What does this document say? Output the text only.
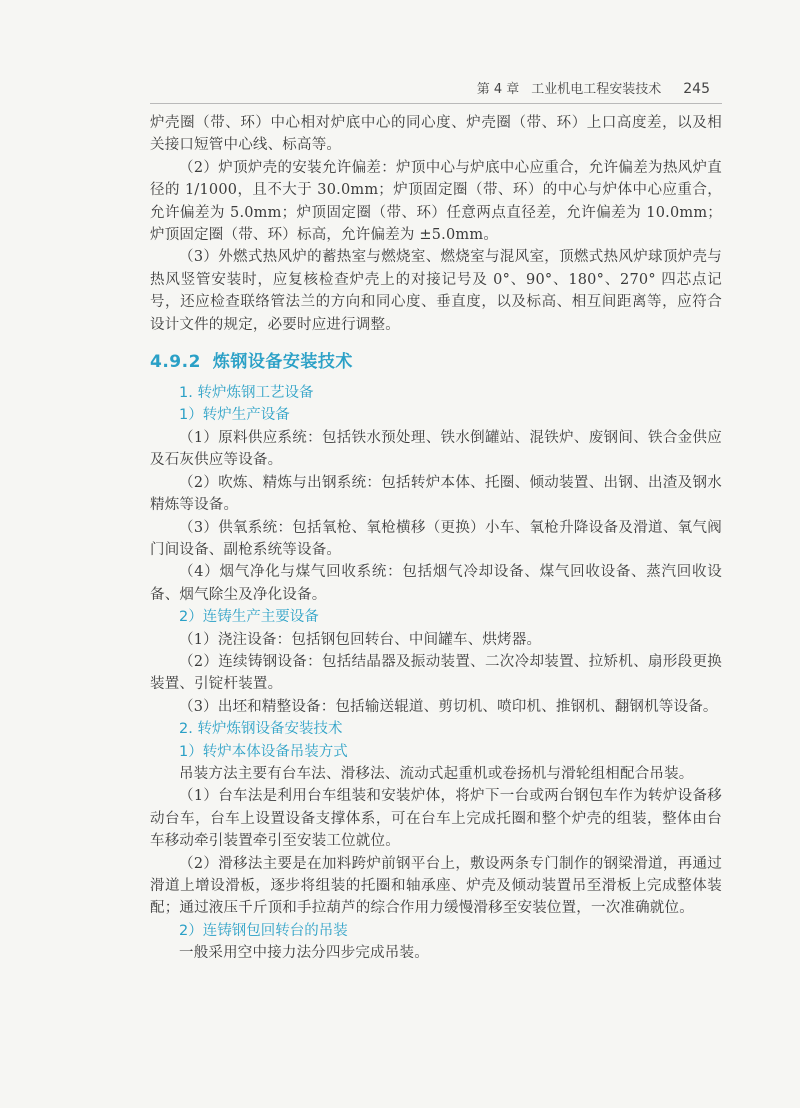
第 4 章 工业机电工程安装技术 245

炉壳圈（带、环）中心相对炉底中心的同心度、炉壳圈（带、环）上口高度差，以及相关接口短管中心线、标高等。

（2）炉顶炉壳的安装允许偏差：炉顶中心与炉底中心应重合，允许偏差为热风炉直径的 1/1000，且不大于 30.0mm；炉顶固定圈（带、环）的中心与炉体中心应重合，允许偏差为 5.0mm；炉顶固定圈（带、环）任意两点直径差，允许偏差为 10.0mm；炉顶固定圈（带、环）标高，允许偏差为 ±5.0mm。

（3）外燃式热风炉的蓄热室与燃烧室、燃烧室与混风室，顶燃式热风炉球顶炉壳与热风竖管安装时，应复核检查炉壳上的对接记号及 0°、90°、180°、270° 四芯点记号，还应检查联络管法兰的方向和同心度、垂直度，以及标高、相互间距离等，应符合设计文件的规定，必要时应进行调整。

4.9.2 炼钢设备安装技术
1. 转炉炼钢工艺设备
1）转炉生产设备

（1）原料供应系统：包括铁水预处理、铁水倒罐站、混铁炉、废钢间、铁合金供应及石灰供应等设备。

（2）吹炼、精炼与出钢系统：包括转炉本体、托圈、倾动装置、出钢、出渣及钢水精炼等设备。

（3）供氧系统：包括氧枪、氧枪横移（更换）小车、氧枪升降设备及滑道、氧气阀门间设备、副枪系统等设备。

（4）烟气净化与煤气回收系统：包括烟气冷却设备、煤气回收设备、蒸汽回收设备、烟气除尘及净化设备。

2）连铸生产主要设备

（1）浇注设备：包括钢包回转台、中间罐车、烘烤器。

（2）连续铸钢设备：包括结晶器及振动装置、二次冷却装置、拉矫机、扇形段更换装置、引锭杆装置。

（3）出坯和精整设备：包括输送辊道、剪切机、喷印机、推钢机、翻钢机等设备。

2. 转炉炼钢设备安装技术
1）转炉本体设备吊装方式

吊装方法主要有台车法、滑移法、流动式起重机或卷扬机与滑轮组相配合吊装。

（1）台车法是利用台车组装和安装炉体，将炉下一台或两台钢包车作为转炉设备移动台车，台车上设置设备支撑体系，可在台车上完成托圈和整个炉壳的组装，整体由台车移动牵引装置牵引至安装工位就位。

（2）滑移法主要是在加料跨炉前钢平台上，敷设两条专门制作的钢梁滑道，再通过滑道上增设滑板，逐步将组装的托圈和轴承座、炉壳及倾动装置吊至滑板上完成整体装配；通过液压千斤顶和手拉葫芦的综合作用力缓慢滑移至安装位置，一次准确就位。

2）连铸钢包回转台的吊装

一般采用空中接力法分四步完成吊装。
